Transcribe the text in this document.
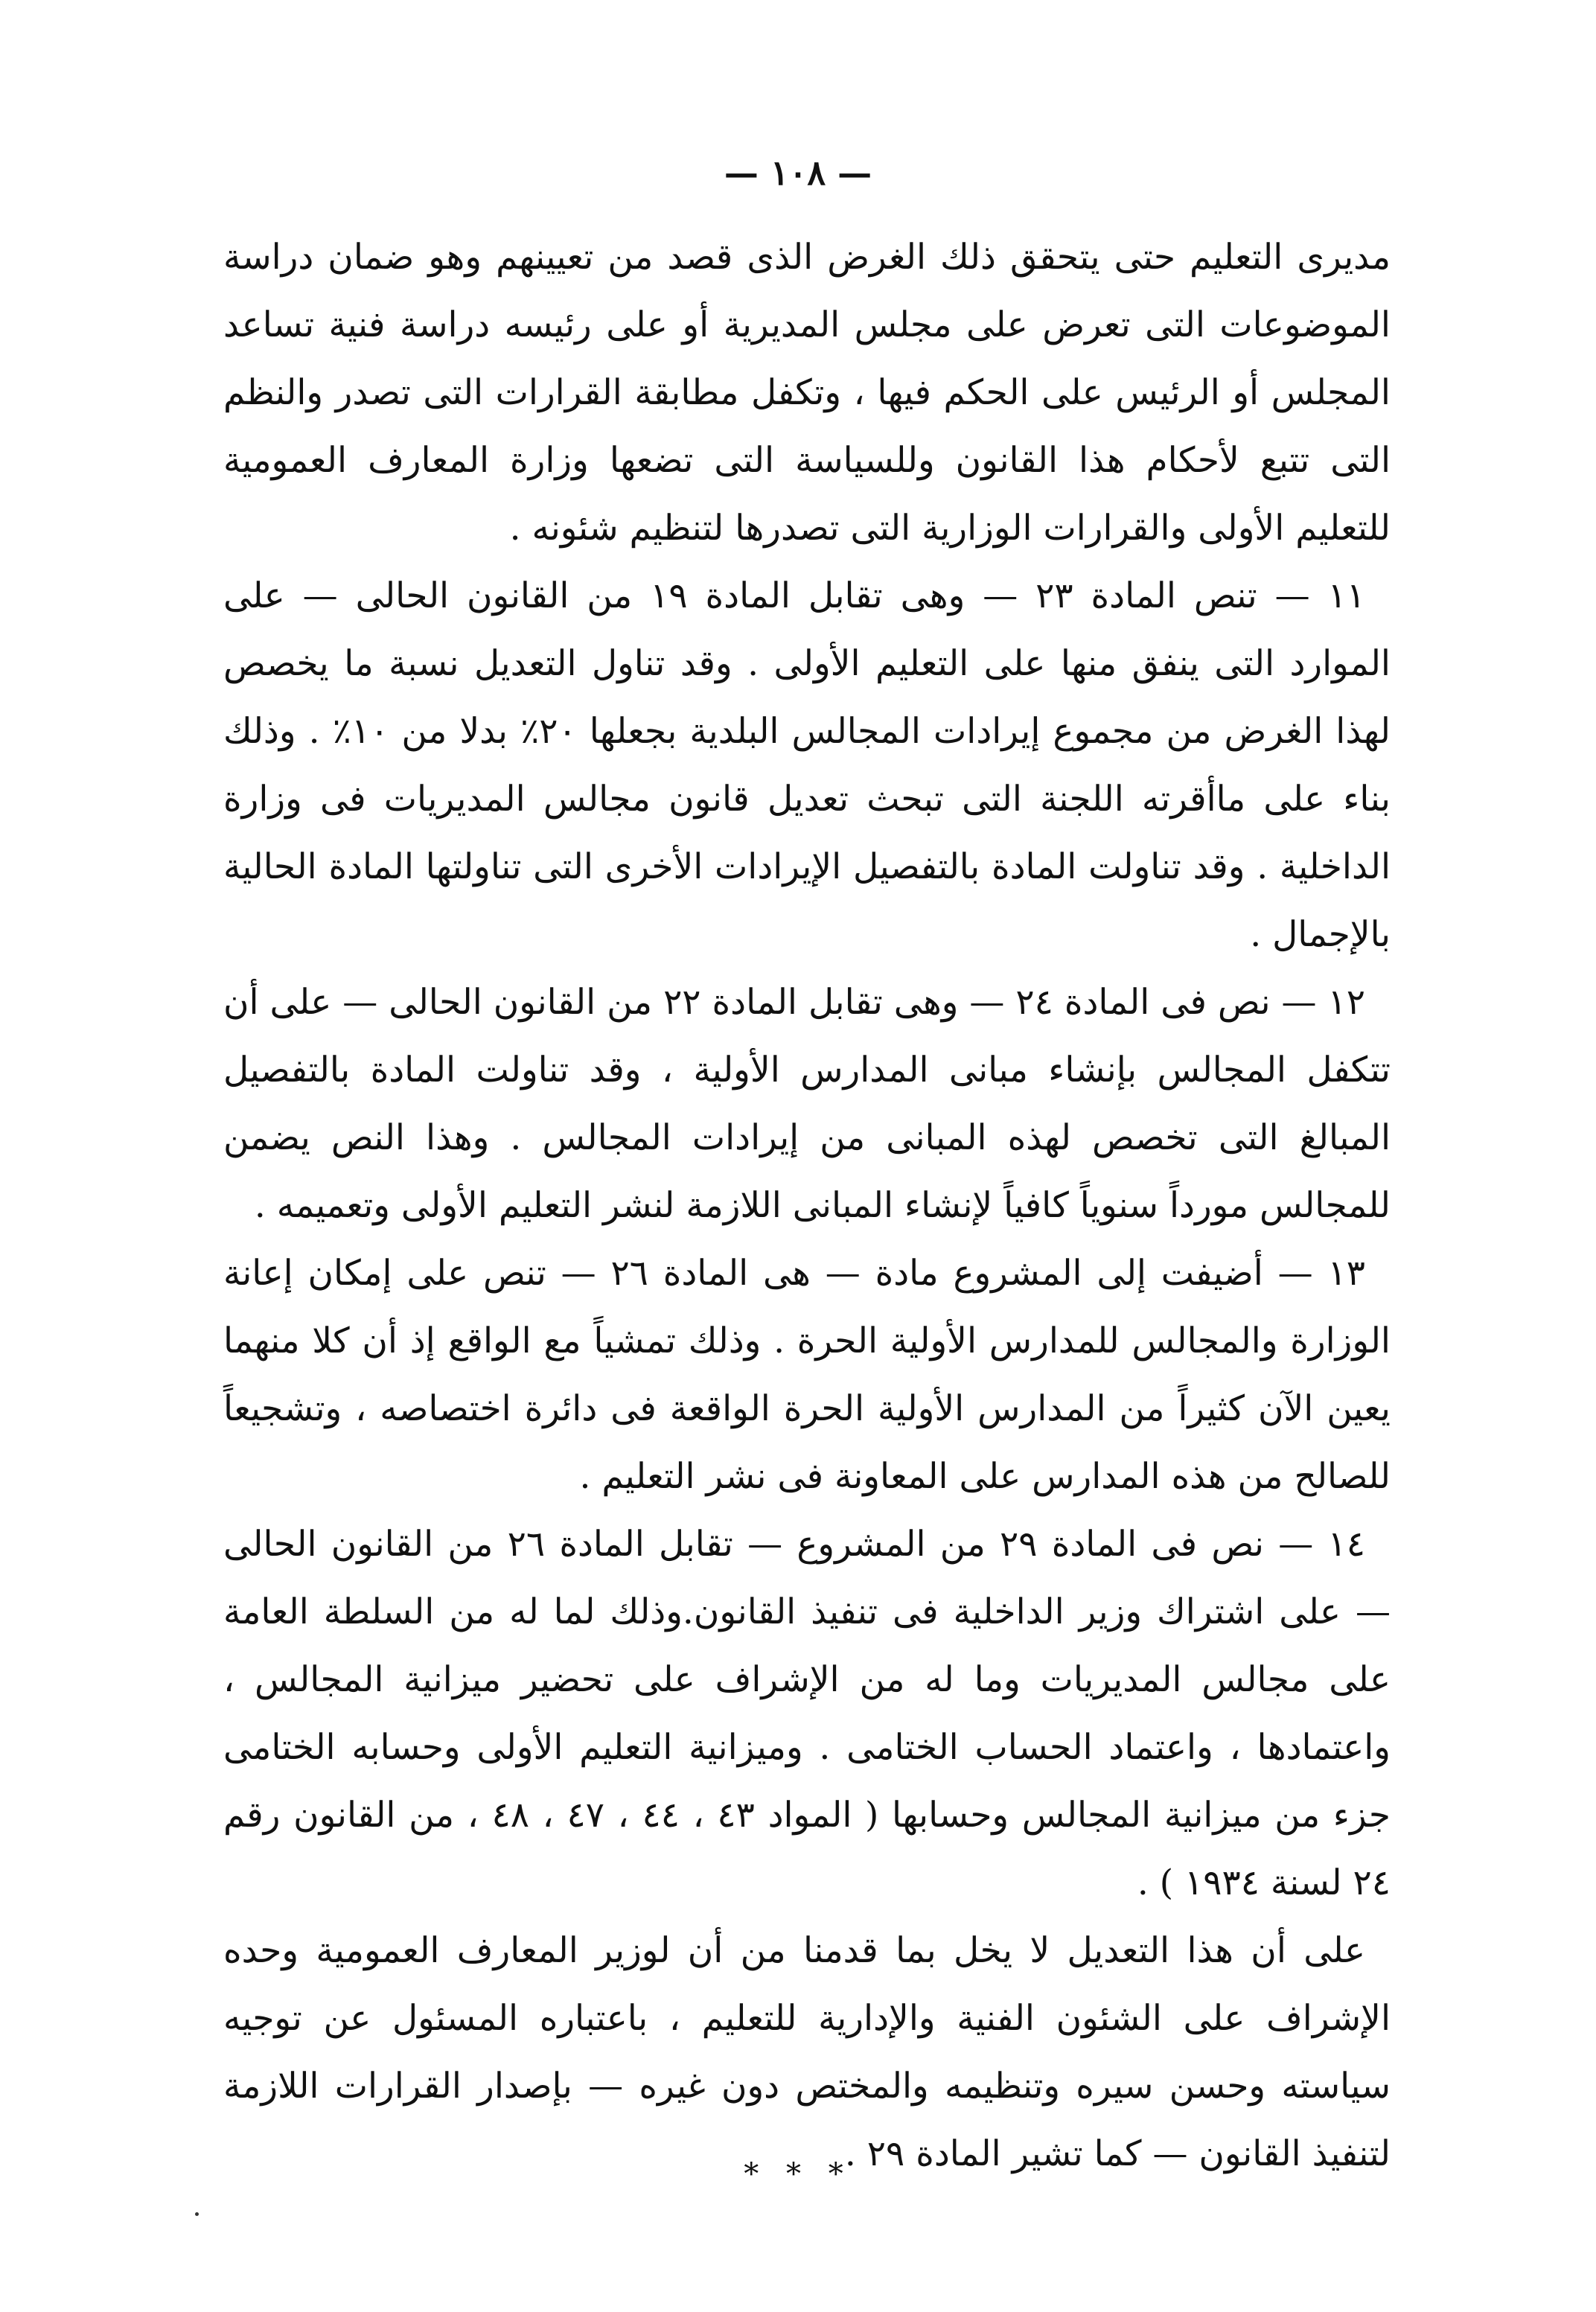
— ١٠٨ —

مديرى التعليم حتى يتحقق ذلك الغرض الذى قصد من تعيينهم وهو ضمان دراسة الموضوعات التى تعرض على مجلس المديرية أو على رئيسه دراسة فنية تساعد المجلس أو الرئيس على الحكم فيها ، وتكفل مطابقة القرارات التى تصدر والنظم التى تتبع لأحكام هذا القانون وللسياسة التى تضعها وزارة المعارف العمومية للتعليم الأولى والقرارات الوزارية التى تصدرها لتنظيم شئونه .

١١ — تنص المادة ٢٣ — وهى تقابل المادة ١٩ من القانون الحالى — على الموارد التى ينفق منها على التعليم الأولى . وقد تناول التعديل نسبة ما يخصص لهذا الغرض من مجموع إيرادات المجالس البلدية بجعلها ٢٠٪ بدلا من ١٠٪ . وذلك بناء على ماأقرته اللجنة التى تبحث تعديل قانون مجالس المديريات فى وزارة الداخلية . وقد تناولت المادة بالتفصيل الإيرادات الأخرى التى تناولتها المادة الحالية بالإجمال .

١٢ — نص فى المادة ٢٤ — وهى تقابل المادة ٢٢ من القانون الحالى — على أن تتكفل المجالس بإنشاء مبانى المدارس الأولية ، وقد تناولت المادة بالتفصيل المبالغ التى تخصص لهذه المبانى من إيرادات المجالس . وهذا النص يضمن للمجالس مورداً سنوياً كافياً لإنشاء المبانى اللازمة لنشر التعليم الأولى وتعميمه .

١٣ — أضيفت إلى المشروع مادة — هى المادة ٢٦ — تنص على إمكان إعانة الوزارة والمجالس للمدارس الأولية الحرة . وذلك تمشياً مع الواقع إذ أن كلا منهما يعين الآن كثيراً من المدارس الأولية الحرة الواقعة فى دائرة اختصاصه ، وتشجيعاً للصالح من هذه المدارس على المعاونة فى نشر التعليم .

١٤ — نص فى المادة ٢٩ من المشروع — تقابل المادة ٢٦ من القانون الحالى — على اشتراك وزير الداخلية فى تنفيذ القانون.وذلك لما له من السلطة العامة على مجالس المديريات وما له من الإشراف على تحضير ميزانية المجالس ، واعتمادها ، واعتماد الحساب الختامى . وميزانية التعليم الأولى وحسابه الختامى جزء من ميزانية المجالس وحسابها ( المواد ٤٣ ، ٤٤ ، ٤٧ ، ٤٨ ، من القانون رقم ٢٤ لسنة ١٩٣٤ ) .

على أن هذا التعديل لا يخل بما قدمنا من أن لوزير المعارف العمومية وحده الإشراف على الشئون الفنية والإدارية للتعليم ، باعتباره المسئول عن توجيه سياسته وحسن سيره وتنظيمه والمختص دون غيره — بإصدار القرارات اللازمة لتنفيذ القانون — كما تشير المادة ٢٩ .

* * *
